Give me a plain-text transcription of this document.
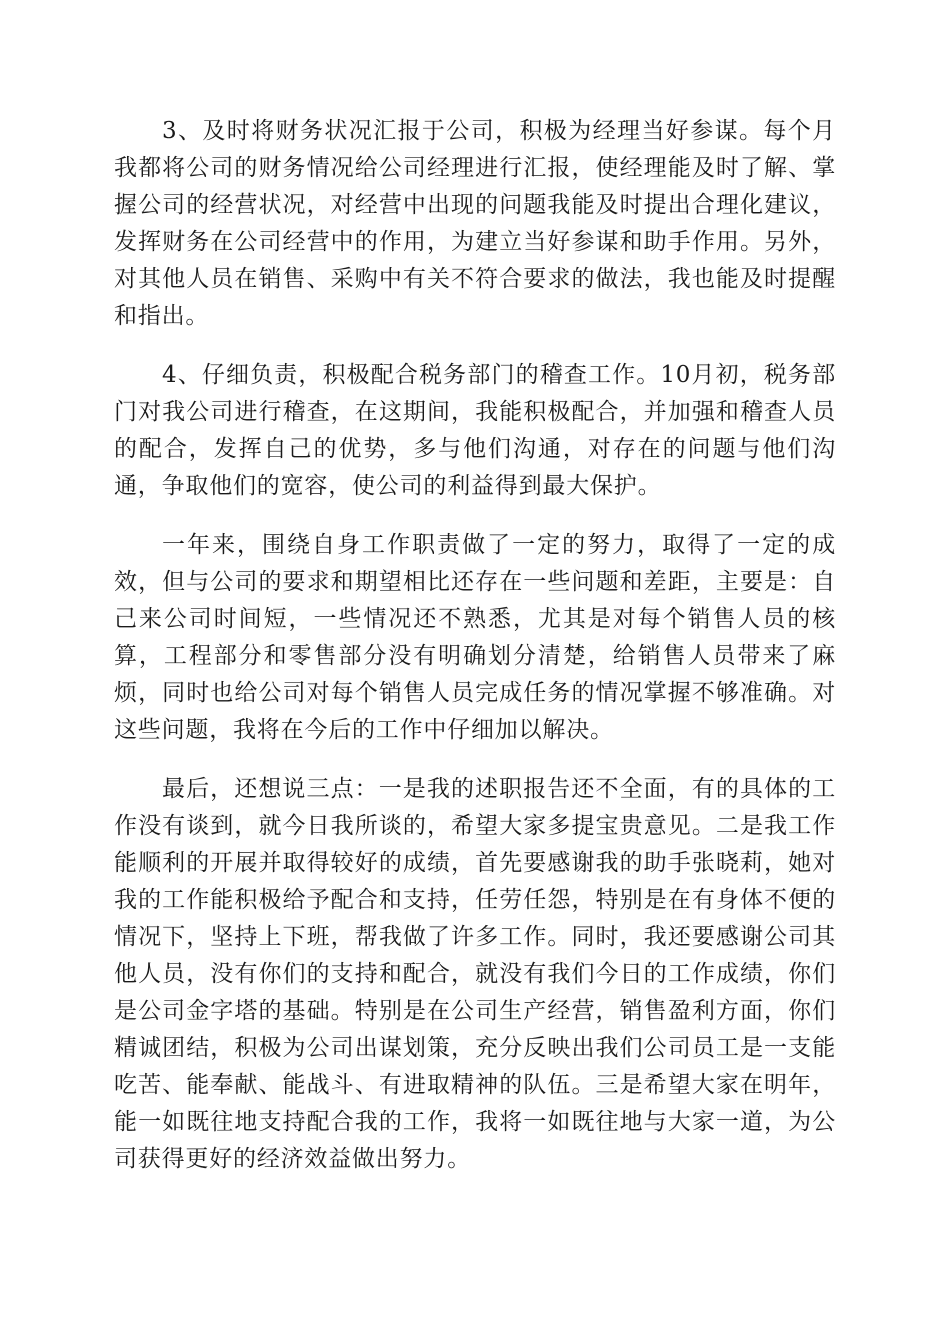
3、及时将财务状况汇报于公司，积极为经理当好参谋。每个月我都将公司的财务情况给公司经理进行汇报，使经理能及时了解、掌握公司的经营状况，对经营中出现的问题我能及时提出合理化建议，发挥财务在公司经营中的作用，为建立当好参谋和助手作用。另外，对其他人员在销售、采购中有关不符合要求的做法，我也能及时提醒和指出。

4、仔细负责，积极配合税务部门的稽查工作。10月初，税务部门对我公司进行稽查，在这期间，我能积极配合，并加强和稽查人员的配合，发挥自己的优势，多与他们沟通，对存在的问题与他们沟通，争取他们的宽容，使公司的利益得到最大保护。

一年来，围绕自身工作职责做了一定的努力，取得了一定的成效，但与公司的要求和期望相比还存在一些问题和差距，主要是：自己来公司时间短，一些情况还不熟悉，尤其是对每个销售人员的核算，工程部分和零售部分没有明确划分清楚，给销售人员带来了麻烦，同时也给公司对每个销售人员完成任务的情况掌握不够准确。对这些问题，我将在今后的工作中仔细加以解决。

最后，还想说三点：一是我的述职报告还不全面，有的具体的工作没有谈到，就今日我所谈的，希望大家多提宝贵意见。二是我工作能顺利的开展并取得较好的成绩，首先要感谢我的助手张晓莉，她对我的工作能积极给予配合和支持，任劳任怨，特别是在有身体不便的情况下，坚持上下班，帮我做了许多工作。同时，我还要感谢公司其他人员，没有你们的支持和配合，就没有我们今日的工作成绩，你们是公司金字塔的基础。特别是在公司生产经营，销售盈利方面，你们精诚团结，积极为公司出谋划策，充分反映出我们公司员工是一支能吃苦、能奉献、能战斗、有进取精神的队伍。三是希望大家在明年，能一如既往地支持配合我的工作，我将一如既往地与大家一道，为公司获得更好的经济效益做出努力。
